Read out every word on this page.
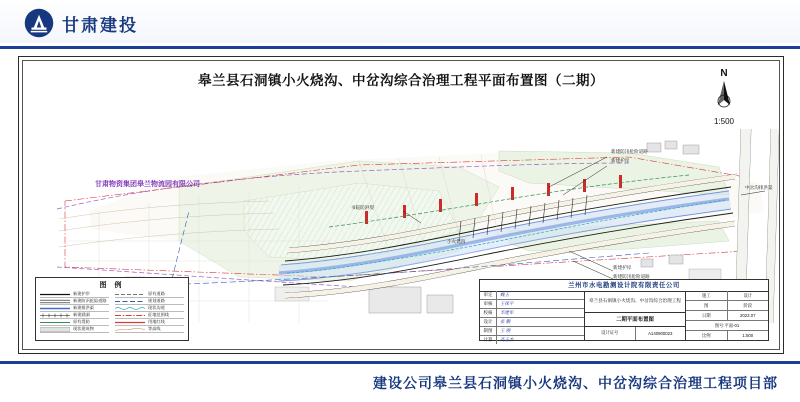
甘肃建投
皋兰县石洞镇小火烧沟、中岔沟综合治理工程平面布置图（二期）
甘肃物资集团皋兰物流园有限公司
新建防汛抢险道路
新建护岸
新建护岸
新建防汛抢险道路
书院防洪堤
中岔沟排洪渠
小火烧沟
N
1:500
图 例
新建护岸	原有道路
新建防汛抢险道路	规划道路
新建排洪渠	现状沟道
新建涵洞	征地范围线
原有堤防	用地红线
现状建筑物	等高线
兰州市水电勘测设计院有限责任公司
审定	魏玉
审核	王保平
校核	李建军
设计	张 鹏
制图	王 刚
计算	高玉杰
皋兰县石洞镇小火烧沟、中岔沟综合治理工程
二期平面布置图
设计证号	A140900023
施工	设计
图	阶段
日期	2023.07
图号:平面-01
比例	1:500
建设公司皋兰县石洞镇小火烧沟、中岔沟综合治理工程项目部
